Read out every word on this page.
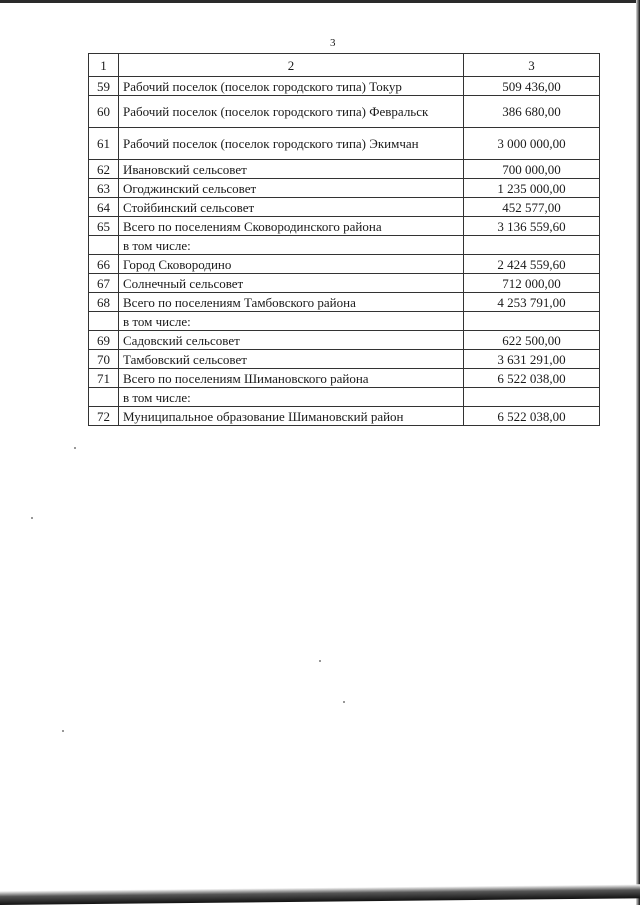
3
1	2	3
59	Рабочий поселок (поселок городского типа) Токур	509 436,00
60	Рабочий поселок (поселок городского типа) Февральск	386 680,00
61	Рабочий поселок (поселок городского типа) Экимчан	3 000 000,00
62	Ивановский сельсовет	700 000,00
63	Огоджинский сельсовет	1 235 000,00
64	Стойбинский сельсовет	452 577,00
65	Всего по поселениям Сковородинского района	3 136 559,60
	в том числе:	
66	Город Сковородино	2 424 559,60
67	Солнечный сельсовет	712 000,00
68	Всего по поселениям Тамбовского района	4 253 791,00
	в том числе:	
69	Садовский сельсовет	622 500,00
70	Тамбовский сельсовет	3 631 291,00
71	Всего по поселениям Шимановского района	6 522 038,00
	в том числе:	
72	Муниципальное образование Шимановский район	6 522 038,00
